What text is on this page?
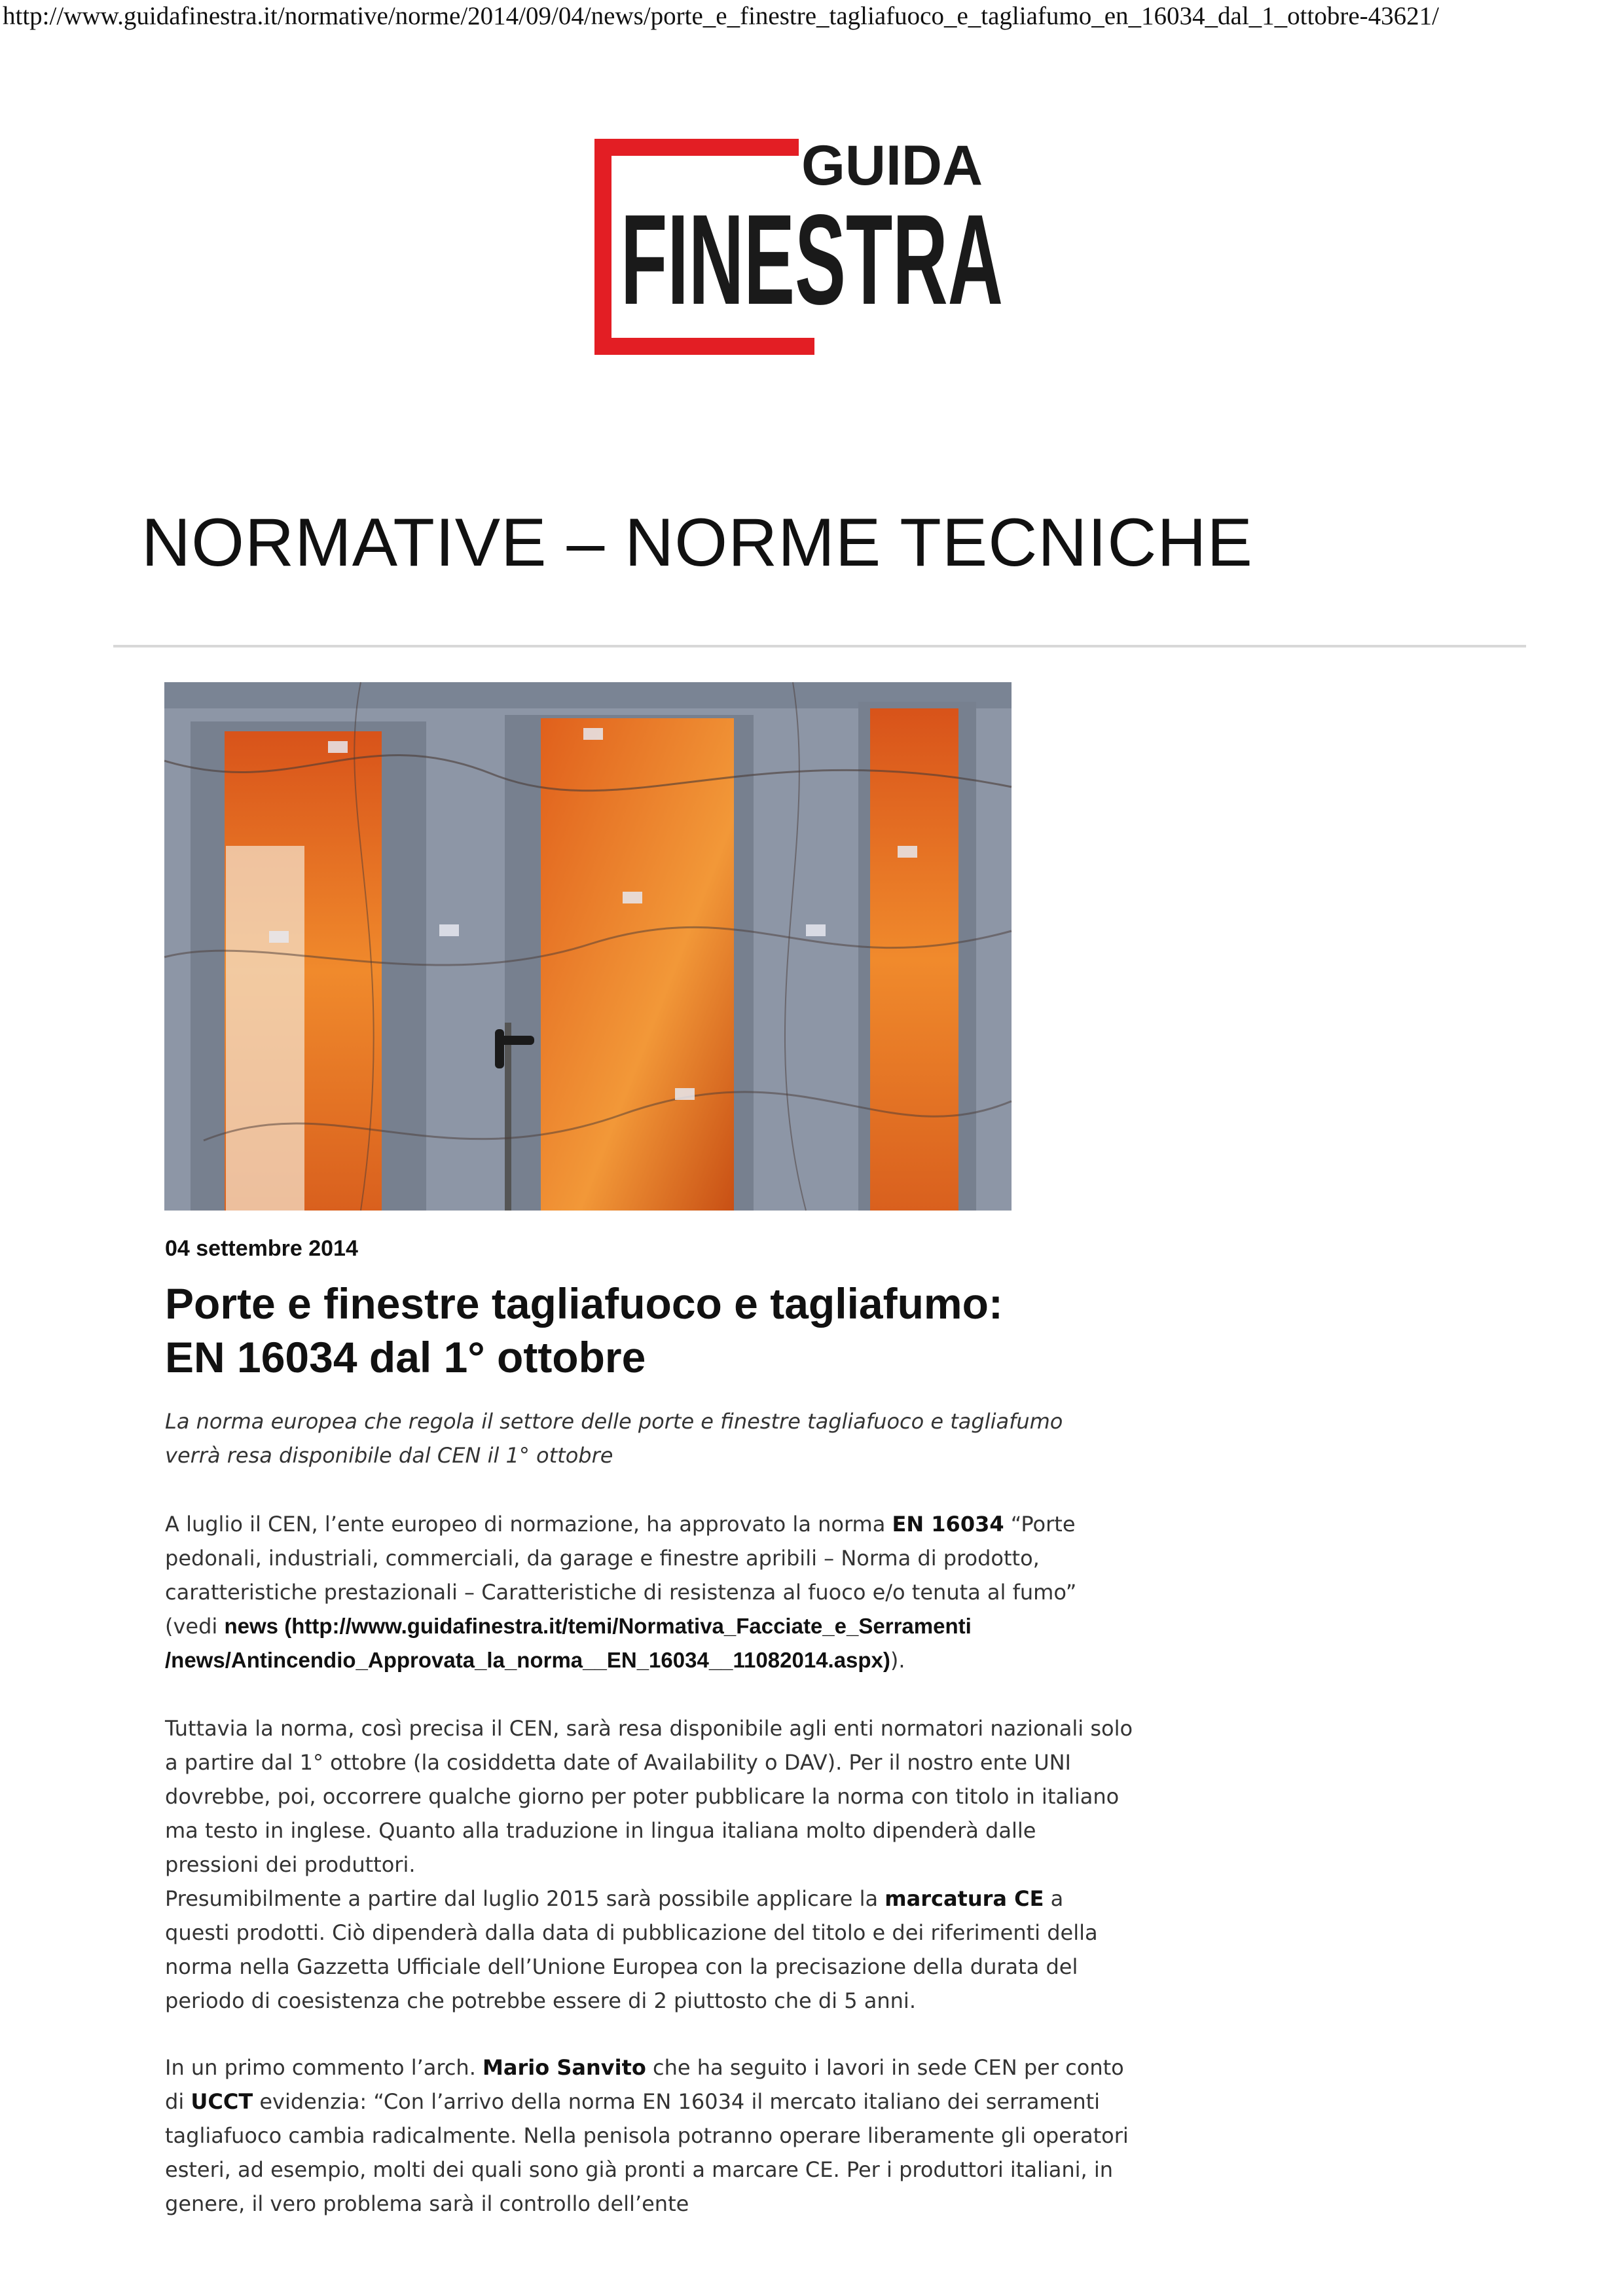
http://www.guidafinestra.it/normative/norme/2014/09/04/news/porte_e_finestre_tagliafuoco_e_tagliafumo_en_16034_dal_1_ottobre-43621/
GUIDA
FINESTRA
NORMATIVE – NORME TECNICHE
04 settembre 2014
Porte e finestre tagliafuoco e tagliafumo:
EN 16034 dal 1° ottobre

La norma europea che regola il settore delle porte e finestre tagliafuoco e tagliafumo verrà resa disponibile dal CEN il 1° ottobre

A luglio il CEN, l’ente europeo di normazione, ha approvato la norma EN 16034 “Porte pedonali, industriali, commerciali, da garage e finestre apribili – Norma di prodotto, caratteristiche prestazionali – Caratteristiche di resistenza al fuoco e/o tenuta al fumo” (vedi news (http://www.guidafinestra.it/temi/Normativa_Facciate_e_Serramenti /news/Antincendio_Approvata_la_norma__EN_16034__11082014.aspx)).

Tuttavia la norma, così precisa il CEN, sarà resa disponibile agli enti normatori nazionali solo a partire dal 1° ottobre (la cosiddetta date of Availability o DAV). Per il nostro ente UNI dovrebbe, poi, occorrere qualche giorno per poter pubblicare la norma con titolo in italiano ma testo in inglese. Quanto alla traduzione in lingua italiana molto dipenderà dalle pressioni dei produttori.
Presumibilmente a partire dal luglio 2015 sarà possibile applicare la marcatura CE a questi prodotti. Ciò dipenderà dalla data di pubblicazione del titolo e dei riferimenti della norma nella Gazzetta Ufficiale dell’Unione Europea con la precisazione della durata del periodo di coesistenza che potrebbe essere di 2 piuttosto che di 5 anni.

In un primo commento l’arch. Mario Sanvito che ha seguito i lavori in sede CEN per conto di UCCT evidenzia: “Con l’arrivo della norma EN 16034 il mercato italiano dei serramenti tagliafuoco cambia radicalmente. Nella penisola potranno operare liberamente gli operatori esteri, ad esempio, molti dei quali sono già pronti a marcare CE. Per i produttori italiani, in genere, il vero problema sarà il controllo dell’ente
